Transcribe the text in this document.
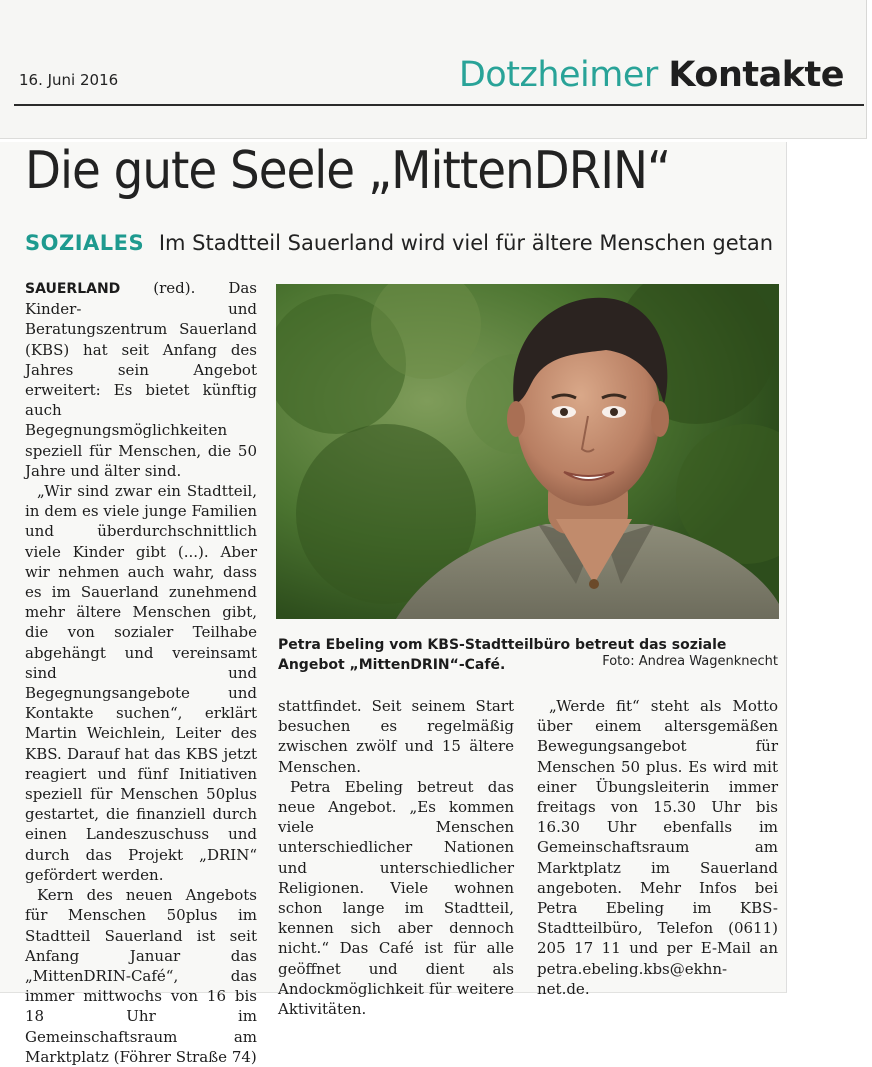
16. Juni 2016	Dotzheimer Kontakte
Die gute Seele „MittenDRIN“
SOZIALES Im Stadtteil Sauerland wird viel für ältere Menschen getan

SAUERLAND (red). Das Kinder- und Beratungszentrum Sauerland (KBS) hat seit Anfang des Jahres sein Angebot erweitert: Es bietet künftig auch Begegnungsmöglichkeiten speziell für Menschen, die 50 Jahre und älter sind.

„Wir sind zwar ein Stadtteil, in dem es viele junge Familien und überdurchschnittlich viele Kinder gibt (...). Aber wir nehmen auch wahr, dass es im Sauerland zunehmend mehr ältere Menschen gibt, die von sozialer Teilhabe abgehängt und vereinsamt sind und Begegnungsangebote und Kontakte suchen“, erklärt Martin Weichlein, Leiter des KBS. Darauf hat das KBS jetzt reagiert und fünf Initiativen speziell für Menschen 50plus gestartet, die finanziell durch einen Landeszuschuss und durch das Projekt „DRIN“ gefördert werden.

Kern des neuen Angebots für Menschen 50plus im Stadtteil Sauerland ist seit Anfang Januar das „MittenDRIN-Café“, das immer mittwochs von 16 bis 18 Uhr im Gemeinschaftsraum am Marktplatz (Föhrer Straße 74)

Petra Ebeling vom KBS-Stadtteilbüro betreut das soziale Angebot „MittenDRIN“-Café.	Foto: Andrea Wagenknecht

stattfindet. Seit seinem Start besuchen es regelmäßig zwischen zwölf und 15 ältere Menschen.

Petra Ebeling betreut das neue Angebot. „Es kommen viele Menschen unterschiedlicher Nationen und unterschiedlicher Religionen. Viele wohnen schon lange im Stadtteil, kennen sich aber dennoch nicht.“ Das Café ist für alle geöffnet und dient als Andockmöglichkeit für weitere Aktivitäten.

„Werde fit“ steht als Motto über einem altersgemäßen Bewegungsangebot für Menschen 50 plus. Es wird mit einer Übungsleiterin immer freitags von 15.30 Uhr bis 16.30 Uhr ebenfalls im Gemeinschaftsraum am Marktplatz im Sauerland angeboten. Mehr Infos bei Petra Ebeling im KBS-Stadtteilbüro, Telefon (0611) 205 17 11 und per E-Mail an petra.ebeling.kbs@ekhn-net.de.
